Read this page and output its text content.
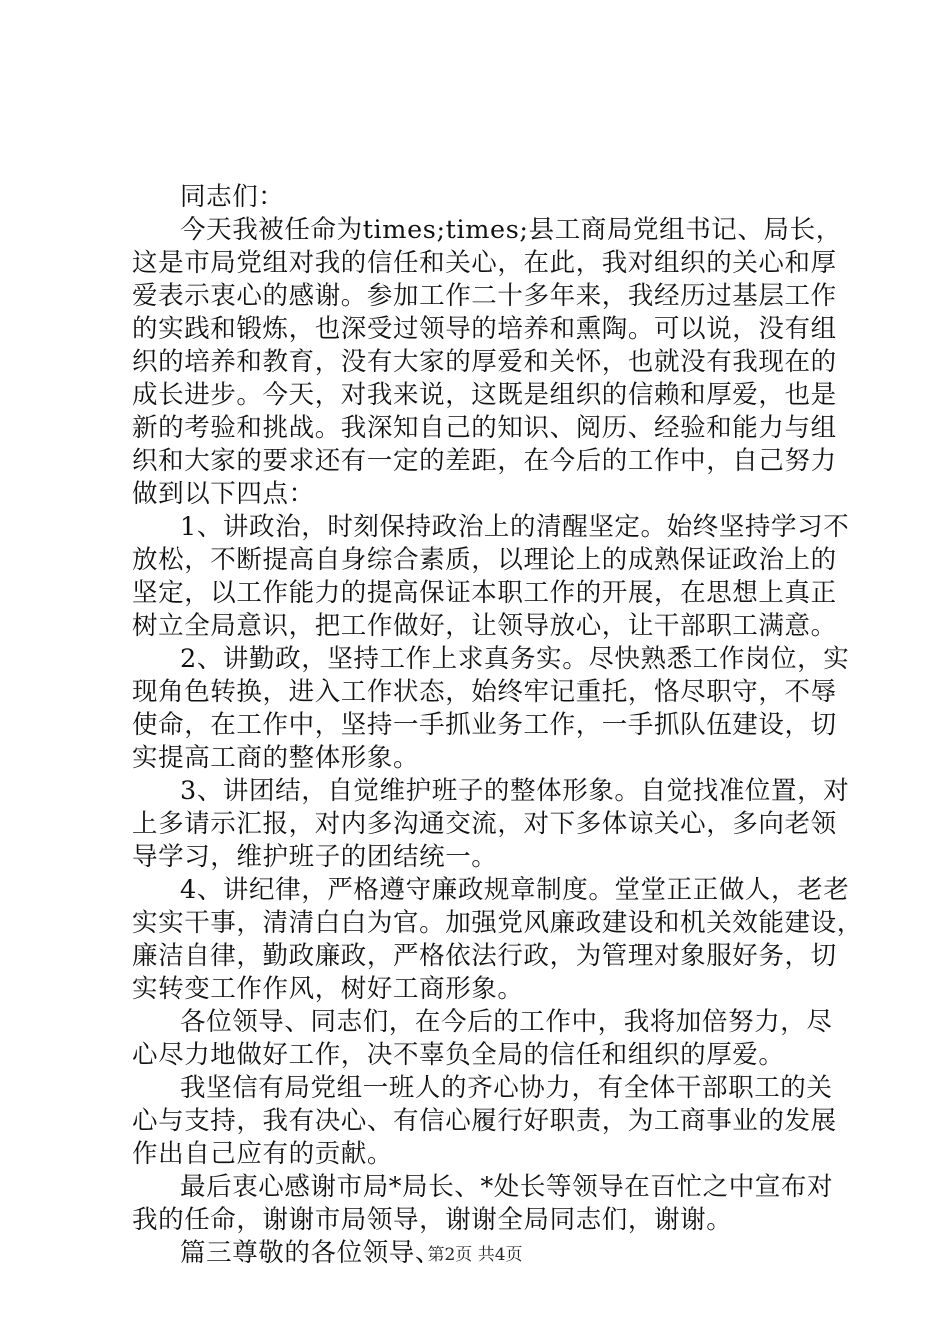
同志们：
今天我被任命为times;times;县工商局党组书记、局长，
这是市局党组对我的信任和关心，在此，我对组织的关心和厚
爱表示衷心的感谢。参加工作二十多年来，我经历过基层工作
的实践和锻炼，也深受过领导的培养和熏陶。可以说，没有组
织的培养和教育，没有大家的厚爱和关怀，也就没有我现在的
成长进步。今天，对我来说，这既是组织的信赖和厚爱，也是
新的考验和挑战。我深知自己的知识、阅历、经验和能力与组
织和大家的要求还有一定的差距，在今后的工作中，自己努力
做到以下四点：
1、讲政治，时刻保持政治上的清醒坚定。始终坚持学习不
放松，不断提高自身综合素质，以理论上的成熟保证政治上的
坚定，以工作能力的提高保证本职工作的开展，在思想上真正
树立全局意识，把工作做好，让领导放心，让干部职工满意。
2、讲勤政，坚持工作上求真务实。尽快熟悉工作岗位，实
现角色转换，进入工作状态，始终牢记重托，恪尽职守，不辱
使命，在工作中，坚持一手抓业务工作，一手抓队伍建设，切
实提高工商的整体形象。
3、讲团结，自觉维护班子的整体形象。自觉找准位置，对
上多请示汇报，对内多沟通交流，对下多体谅关心，多向老领
导学习，维护班子的团结统一。
4、讲纪律，严格遵守廉政规章制度。堂堂正正做人，老老
实实干事，清清白白为官。加强党风廉政建设和机关效能建设，
廉洁自律，勤政廉政，严格依法行政，为管理对象服好务，切
实转变工作作风，树好工商形象。
各位领导、同志们，在今后的工作中，我将加倍努力，尽
心尽力地做好工作，决不辜负全局的信任和组织的厚爱。
我坚信有局党组一班人的齐心协力，有全体干部职工的关
心与支持，我有决心、有信心履行好职责，为工商事业的发展
作出自己应有的贡献。
最后衷心感谢市局*局长、*处长等领导在百忙之中宣布对
我的任命，谢谢市局领导，谢谢全局同志们，谢谢。
篇三尊敬的各位领导、
第2页 共4页
